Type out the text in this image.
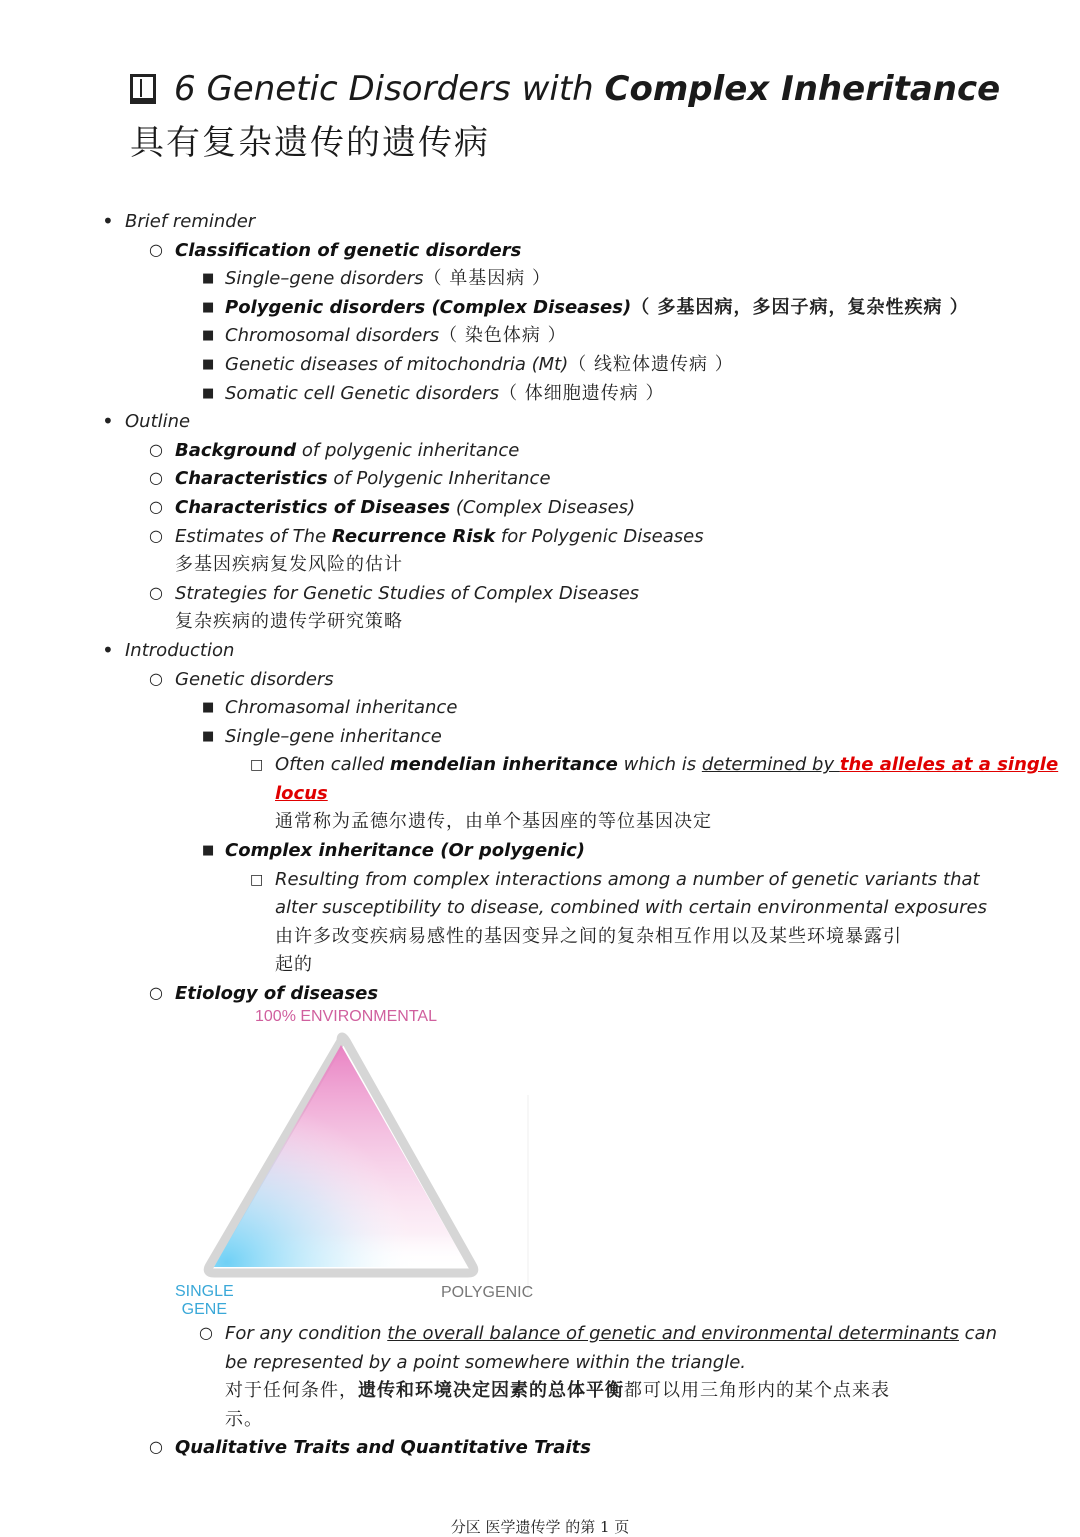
6 Genetic Disorders with Complex Inheritance 具有复杂遗传的遗传病
• Brief reminder
○ Classification of genetic disorders
■ Single–gene disorders（ 单基因病 ）
■ Polygenic disorders (Complex Diseases)（ 多基因病，多因子病，复杂性疾病 ）
■ Chromosomal disorders（ 染色体病 ）
■ Genetic diseases of mitochondria (Mt)（ 线粒体遗传病 ）
■ Somatic cell Genetic disorders（ 体细胞遗传病 ）
• Outline
○ Background of polygenic inheritance
○ Characteristics of Polygenic Inheritance
○ Characteristics of Diseases (Complex Diseases)
○ Estimates of The Recurrence Risk for Polygenic Diseases
多基因疾病复发风险的估计
○ Strategies for Genetic Studies of Complex Diseases
复杂疾病的遗传学研究策略
• Introduction
○ Genetic disorders
■ Chromasomal inheritance
■ Single–gene inheritance
□ Often called mendelian inheritance which is determined by the alleles at a single
locus
通常称为孟德尔遗传，由单个基因座的等位基因决定
■ Complex inheritance (Or polygenic)
□ Resulting from complex interactions among a number of genetic variants that
alter susceptibility to disease, combined with certain environmental exposures
由许多改变疾病易感性的基因变异之间的复杂相互作用以及某些环境暴露引
起的
○ Etiology of diseases
100% ENVIRONMENTAL
SINGLE
GENE
POLYGENIC
○ For any condition the overall balance of genetic and environmental determinants can
be represented by a point somewhere within the triangle.
对于任何条件，遗传和环境决定因素的总体平衡都可以用三角形内的某个点来表
示。
○ Qualitative Traits and Quantitative Traits
分区 医学遗传学 的第 1 页
